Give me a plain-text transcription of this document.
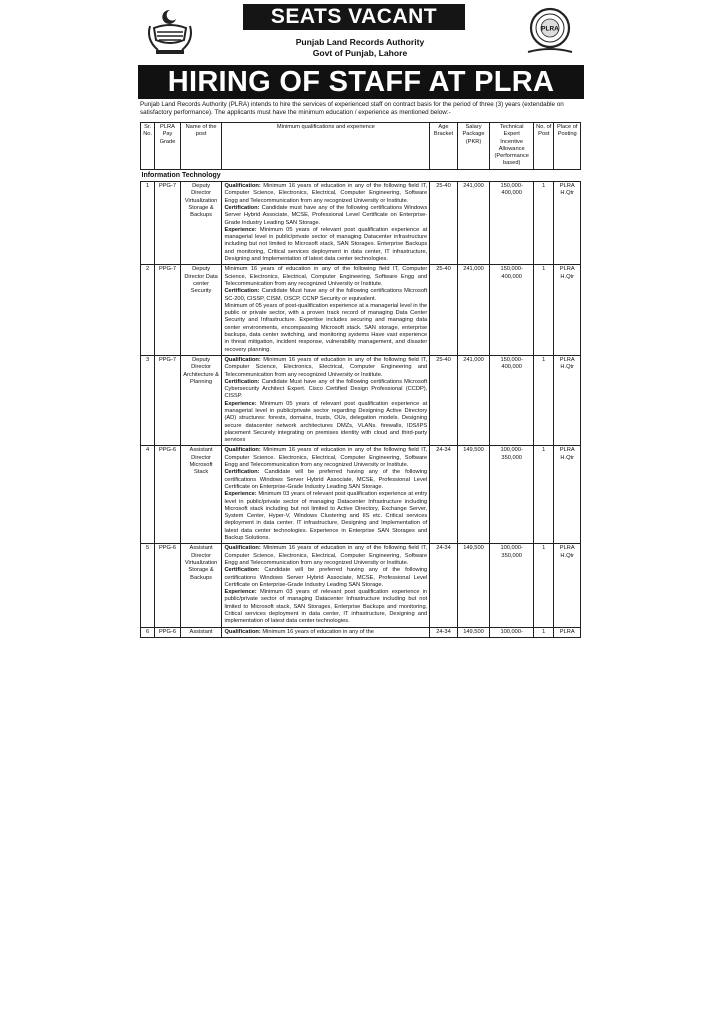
PLRA
SEATS VACANT
Punjab Land Records Authority
Govt of Punjab, Lahore
HIRING OF STAFF AT PLRA
Punjab Land Records Authority (PLRA) intends to hire the services of experienced staff on contract basis for the period of three (3) years (extendable on satisfactory performance). The applicants must have the minimum education / experience as mentioned below:-
Sr. No.	PLRA Pay Grade	Name of the post	Minimum qualifications and experience	Age Bracket	Salary Package (PKR)	Technical Expert Incentive Allowance (Performance based)	No. of Post	Place of Posting
Information Technology								
1	PPG-7	Deputy Director Virtualization Storage & Backups	Qualification: Minimum 16 years of education in any of the following field IT, Computer Science, Electronics, Electrical, Computer Engineering, Software Engg and Telecommunication from any recognized University or Institute.
Certification: Candidate must have any of the following certifications Windows Server Hybrid Associate, MCSE, Professional Level Certificate on Enterprise-Grade Industry Leading SAN Storage.
Experience: Minimum 05 years of relevant post qualification experience at managerial level in public/private sector of managing Datacenter infrastructure including but not limited to Microsoft stack, SAN Storages. Enterprise Backups and monitoring, Critical services deployment in data center, IT infrastructure, Designing and Implementation of latest data center technologies.	25-40	241,000	150,000-400,000	1	PLRA H.Qtr
2	PPG-7	Deputy Director Data center Security	Minimum 16 years of education in any of the following field IT, Computer Science, Electronics, Electrical, Computer Engineering, Software Engg and Telecommunication from any recognized University or Institute.
Certification: Candidate Must have any of the following certifications Microsoft SC-200, CISSP, CISM, OSCP, CCNP Security or equivalent.
Minimum of 05 years of post-qualification experience at a managerial level in the public or private sector, with a proven track record of managing Data Center Security and Infrastructure. Expertise includes securing and managing data center environments, encompassing Microsoft stack. SAN storage, enterprise backups, data center switching, and monitoring systems Have vast experience in threat mitigation, incident response, vulnerability management, and disaster recovery planning.	25-40	241,000	150,000-400,000	1	PLRA H.Qtr
3	PPG-7	Deputy Director Architecture & Planning	Qualification: Minimum 16 years of education in any of the following field IT, Computer Science, Electronics, Electrical, Computer Engineering and Telecommunication from any recognized University or Institute.
Certification: Candidate Must have any of the following certifications Microsoft Cybersecurity Architect Expert. Cisco Certified Design Professional (CCDP), CISSP.
Experience: Minimum 05 years of relevant post qualification experience at managerial level in public/private sector regarding Designing Active Directory (AD) structures: forests, domains, trusts, OUs, delegation models. Designing secure datacenter network architectures DMZs, VLANs. firewalls, IDS/IPS placement Securely integrating on premises identity with cloud and third-party services	25-40	241,000	150,000-400,000	1	PLRA H.Qtr
4	PPG-6	Assistant Director Microsoft Stack	Qualification: Minimum 16 years of education in any of the following field IT, Computer Science. Electronics, Electrical, Computer Engineering, Software Engg and Telecommunication from any recognized University or Institute.
Certification: Candidate will be preferred having any of the following certifications Windows Server Hybrid Associate, MCSE, Professional Level Certificate on Enterprise-Grade Industry Leading SAN Storage.
Experience: Minimum 03 years of relevant post qualification experience at entry level in public/private sector of managing Datacenter Infrastructure including Microsoft stack including but not limited to Active Directory, Exchange Server, System Center, Hyper-V, Windows Clustering and IIS etc. Critical services deployment in data center. IT infrastructure, Designing and Implementation of latest data center technologies. Experience in Enterprise SAN Storages and Backup Solutions.	24-34	149,500	100,000-350,000	1	PLRA H.Qtr
5	PPG-6	Assistant Director Virtualization Storage & Backups	Qualification: Minimum 16 years of education in any of the following field IT, Computer Science, Electronics, Electrical, Computer Engineering, Software Engg and Telecommunication from any recognized University or Institute.
Certification: Candidate will be preferred having any of the following certifications Windows Server Hybrid Associate, MCSE, Professional Level Certificate on Enterprise-Grade Industry Leading SAN Storage.
Experience: Minimum 03 years of relevant post qualification experience in public/private sector of managing Datacenter Infrastructure including but not limited to Microsoft stack, SAN Storages, Enterprise Backups and monitoring, Critical services deployment in data center, IT infrastructure, Designing and implementation of latest data center technologies.	24-34	149,500	100,000-350,000	1	PLRA H.Qtr
6	PPG-6	Assistant	Qualification: Minimum 16 years of education in any of the	24-34	149,500	100,000-	1	PLRA
